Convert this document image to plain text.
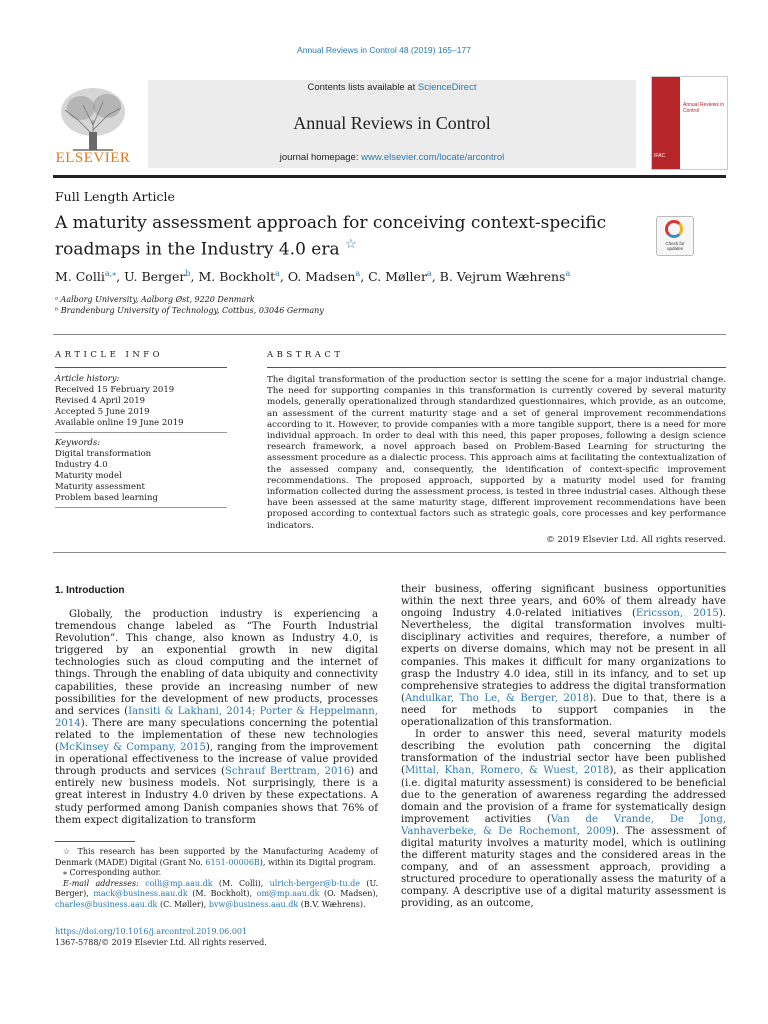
Annual Reviews in Control 48 (2019) 165–177
ELSEVIER
Contents lists available at ScienceDirect
Annual Reviews in Control
journal homepage: www.elsevier.com/locate/arcontrol
Annual Reviews in Control
IFAC
Full Length Article
A maturity assessment approach for conceiving context-specific roadmaps in the Industry 4.0 era ☆	Check for updates
M. Colli$^{a,⁎}$, U. Berger$^b$, M. Bockholt$^a$, O. Madsen$^a$, C. Møller$^a$, B. Vejrum Wæhrens$^a$
ᵃ Aalborg University, Aalborg Øst, 9220 Denmark
ᵇ Brandenburg University of Technology, Cottbus, 03046 Germany
ARTICLE INFO
Article history:
Received 15 February 2019
Revised 4 April 2019
Accepted 5 June 2019
Available online 19 June 2019
Keywords:
Digital transformation
Industry 4.0
Maturity model
Maturity assessment
Problem based learning
ABSTRACT
The digital transformation of the production sector is setting the scene for a major industrial change. The need for supporting companies in this transformation is currently covered by several maturity models, generally operationalized through standardized questionnaires, which provide, as an outcome, an assessment of the current maturity stage and a set of general improvement recommendations according to it. However, to provide companies with a more tangible support, there is a need for more individual approach. In order to deal with this need, this paper proposes, following a design science research framework, a novel approach based on Problem-Based Learning for structuring the assessment procedure as a dialectic process. This approach aims at facilitating the contextualization of the assessed company and, consequently, the identification of context-specific improvement recommendations. The proposed approach, supported by a maturity model used for framing information collected during the assessment process, is tested in three industrial cases. Although these have been assessed at the same maturity stage, different improvement recommendations have been proposed according to contextual factors such as strategic goals, core processes and key performance indicators.
© 2019 Elsevier Ltd. All rights reserved.
1. Introduction

Globally, the production industry is experiencing a tremendous change labeled as “The Fourth Industrial Revolution”. This change, also known as Industry 4.0, is triggered by an exponential growth in new digital technologies such as cloud computing and the internet of things. Through the enabling of data ubiquity and connectivity capabilities, these provide an increasing number of new possibilities for the development of new products, processes and services (Iansiti & Lakhani, 2014; Porter & Heppelmann, 2014). There are many speculations concerning the potential related to the implementation of these new technologies (McKinsey & Company, 2015), ranging from the improvement in operational effectiveness to the increase of value provided through products and services (Schrauf Berttram, 2016) and entirely new business models. Not surprisingly, there is a great interest in Industry 4.0 driven by these expectations. A study performed among Danish companies shows that 76% of them expect digitalization to transform

their business, offering significant business opportunities within the next three years, and 60% of them already have ongoing Industry 4.0-related initiatives (Ericsson, 2015). Nevertheless, the digital transformation involves multi-disciplinary activities and requires, therefore, a number of experts on diverse domains, which may not be present in all companies. This makes it difficult for many organizations to grasp the Industry 4.0 idea, still in its infancy, and to set up comprehensive strategies to address the digital transformation (Andulkar, Tho Le, & Berger, 2018). Due to that, there is a need for methods to support companies in the operationalization of this transformation.

In order to answer this need, several maturity models describing the evolution path concerning the digital transformation of the industrial sector have been published (Mittal, Khan, Romero, & Wuest, 2018), as their application (i.e. digital maturity assessment) is considered to be beneficial due to the generation of awareness regarding the addressed domain and the provision of a frame for systematically design improvement activities (Van de Vrande, De Jong, Vanhaverbeke, & De Rochemont, 2009). The assessment of digital maturity involves a maturity model, which is outlining the different maturity stages and the considered areas in the company, and of an assessment approach, providing a structured procedure to operationally assess the maturity of a company. A descriptive use of a digital maturity assessment is providing, as an outcome,

☆ This research has been supported by the Manufacturing Academy of Denmark (MADE) Digital (Grant No. 6151-00006B), within its Digital program.
⁎ Corresponding author.
E-mail addresses: colli@mp.aau.dk (M. Colli), ulrich-berger@b-tu.de (U. Berger), mack@business.aau.dk (M. Bockholt), om@mp.aau.dk (O. Madsen), charles@business.aau.dk (C. Møller), bvw@business.aau.dk (B.V. Wæhrens).
https://doi.org/10.1016/j.arcontrol.2019.06.001
1367-5788/© 2019 Elsevier Ltd. All rights reserved.
